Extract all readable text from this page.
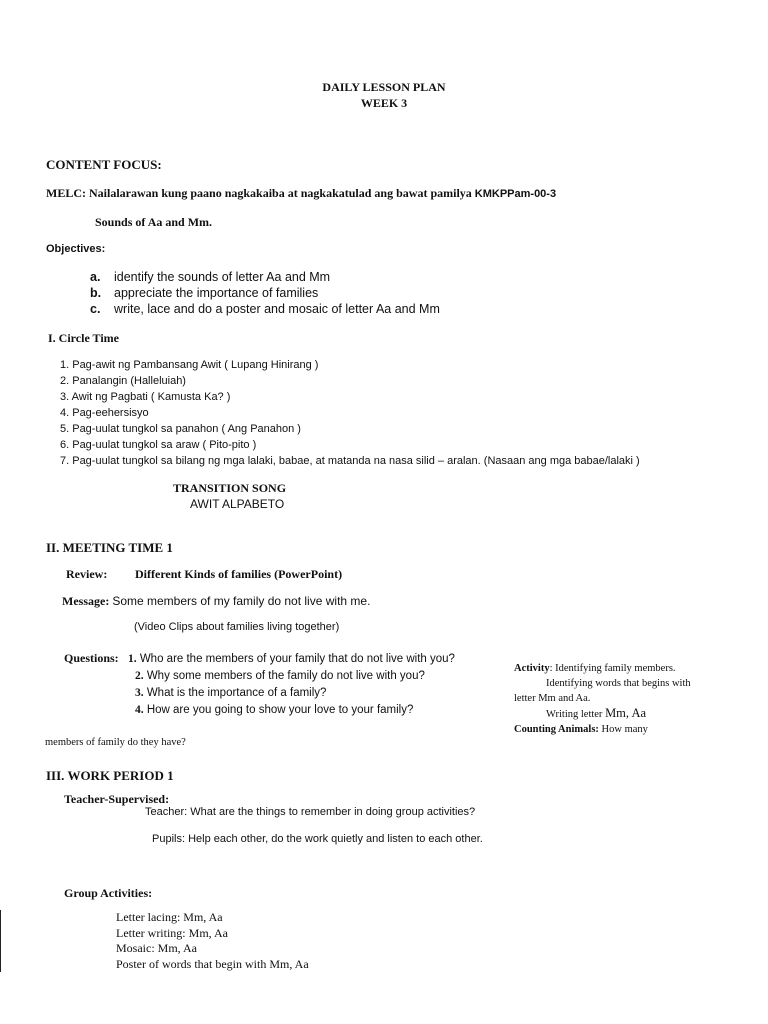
DAILY LESSON PLAN
WEEK 3
CONTENT FOCUS:
MELC: Nailalarawan kung paano nagkakaiba at nagkakatulad ang bawat pamilya KMKPPam-00-3
Sounds of Aa and Mm.
Objectives:
a. identify the sounds of letter Aa and Mm
b. appreciate the importance of families
c. write, lace and do a poster and mosaic of letter Aa and Mm
I. Circle Time
1. Pag-awit ng Pambansang Awit ( Lupang Hinirang )
2. Panalangin (Halleluiah)
3. Awit ng Pagbati ( Kamusta Ka? )
4. Pag-eehersisyo
5. Pag-uulat tungkol sa panahon ( Ang Panahon )
6. Pag-uulat tungkol sa araw ( Pito-pito )
7. Pag-uulat tungkol sa bilang ng mga lalaki, babae, at matanda na nasa silid – aralan. (Nasaan ang mga babae/lalaki )
TRANSITION SONG
AWIT ALPABETO
II. MEETING TIME 1
Review: Different Kinds of families (PowerPoint)
Message: Some members of my family do not live with me.
(Video Clips about families living together)
Questions: 1. Who are the members of your family that do not live with you?
2. Why some members of the family do not live with you?
3. What is the importance of a family?
4. How are you going to show your love to your family?
Activity: Identifying family members.
Identifying words that begins with
letter Mm and Aa.
Writing letter Mm, Aa
Counting Animals: How many
members of family do they have?
III. WORK PERIOD 1
Teacher-Supervised:
Teacher: What are the things to remember in doing group activities?
Pupils: Help each other, do the work quietly and listen to each other.
Group Activities:
Letter lacing: Mm, Aa
Letter writing: Mm, Aa
Mosaic: Mm, Aa
Poster of words that begin with Mm, Aa
